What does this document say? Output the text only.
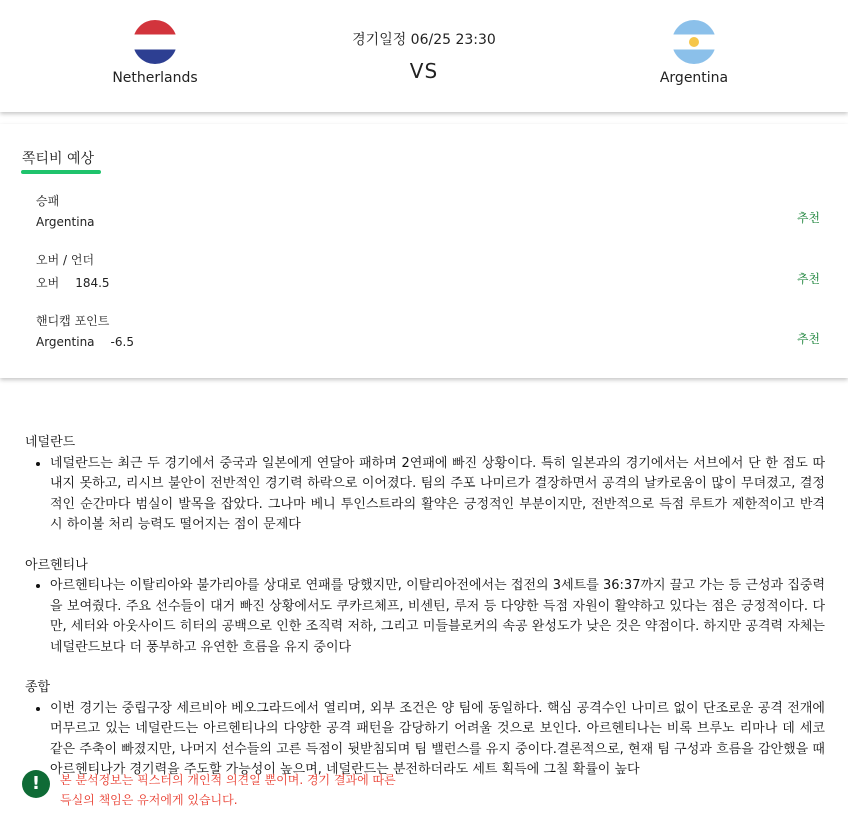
Netherlands
경기일정 06/25 23:30
VS	Argentina
쪽티비 예상
승패
Argentina	추천
오버 / 언더
오버 184.5	추천
핸디캡 포인트
Argentina -6.5	추천

네덜란드

• 네덜란드는 최근 두 경기에서 중국과 일본에게 연달아 패하며 2연패에 빠진 상황이다. 특히 일본과의 경기에서는 서브에서 단 한 점도 따내지 못하고, 리시브 불안이 전반적인 경기력 하락으로 이어졌다. 팀의 주포 나미르가 결장하면서 공격의 날카로움이 많이 무뎌졌고, 결정적인 순간마다 범실이 발목을 잡았다. 그나마 베니 투인스트라의 활약은 긍정적인 부분이지만, 전반적으로 득점 루트가 제한적이고 반격 시 하이볼 처리 능력도 떨어지는 점이 문제다

아르헨티나

• 아르헨티나는 이탈리아와 불가리아를 상대로 연패를 당했지만, 이탈리아전에서는 접전의 3세트를 36:37까지 끌고 가는 등 근성과 집중력을 보여줬다. 주요 선수들이 대거 빠진 상황에서도 쿠카르체프, 비센틴, 루저 등 다양한 득점 자원이 활약하고 있다는 점은 긍정적이다. 다만, 세터와 아웃사이드 히터의 공백으로 인한 조직력 저하, 그리고 미들블로커의 속공 완성도가 낮은 것은 약점이다. 하지만 공격력 자체는 네덜란드보다 더 풍부하고 유연한 흐름을 유지 중이다

종합

• 이번 경기는 중립구장 세르비아 베오그라드에서 열리며, 외부 조건은 양 팀에 동일하다. 핵심 공격수인 나미르 없이 단조로운 공격 전개에 머무르고 있는 네덜란드는 아르헨티나의 다양한 공격 패턴을 감당하기 어려울 것으로 보인다. 아르헨티나는 비록 브루노 리마나 데 세코 같은 주축이 빠졌지만, 나머지 선수들의 고른 득점이 뒷받침되며 팀 밸런스를 유지 중이다.결론적으로, 현재 팀 구성과 흐름을 감안했을 때 아르헨티나가 경기력을 주도할 가능성이 높으며, 네덜란드는 분전하더라도 세트 획득에 그칠 확률이 높다
!	본 분석정보는 픽스터의 개인적 의견일 뿐이며. 경기 결과에 따른
득실의 책임은 유저에게 있습니다.
